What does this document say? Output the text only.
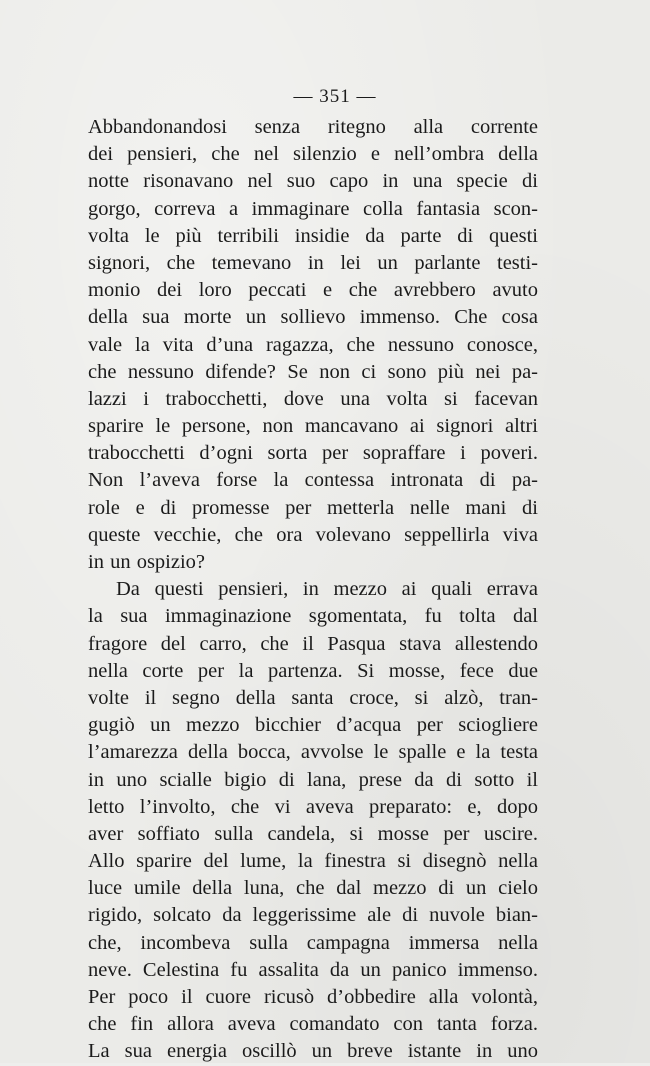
— 351 —
Abbandonandosi senza ritegno alla corrente
dei pensieri, che nel silenzio e nell’ombra della
notte risonavano nel suo capo in una specie di
gorgo, correva a immaginare colla fantasia scon-
volta le più terribili insidie da parte di questi
signori, che temevano in lei un parlante testi-
monio dei loro peccati e che avrebbero avuto
della sua morte un sollievo immenso. Che cosa
vale la vita d’una ragazza, che nessuno conosce,
che nessuno difende? Se non ci sono più nei pa-
lazzi i trabocchetti, dove una volta si facevan
sparire le persone, non mancavano ai signori altri
trabocchetti d’ogni sorta per sopraffare i poveri.
Non l’aveva forse la contessa intronata di pa-
role e di promesse per metterla nelle mani di
queste vecchie, che ora volevano seppellirla viva
in un ospizio?
Da questi pensieri, in mezzo ai quali errava
la sua immaginazione sgomentata, fu tolta dal
fragore del carro, che il Pasqua stava allestendo
nella corte per la partenza. Si mosse, fece due
volte il segno della santa croce, si alzò, tran-
gugiò un mezzo bicchier d’acqua per sciogliere
l’amarezza della bocca, avvolse le spalle e la testa
in uno scialle bigio di lana, prese da di sotto il
letto l’involto, che vi aveva preparato: e, dopo
aver soffiato sulla candela, si mosse per uscire.
Allo sparire del lume, la finestra si disegnò nella
luce umile della luna, che dal mezzo di un cielo
rigido, solcato da leggerissime ale di nuvole bian-
che, incombeva sulla campagna immersa nella
neve. Celestina fu assalita da un panico immenso.
Per poco il cuore ricusò d’obbedire alla volontà,
che fin allora aveva comandato con tanta forza.
La sua energia oscillò un breve istante in uno
